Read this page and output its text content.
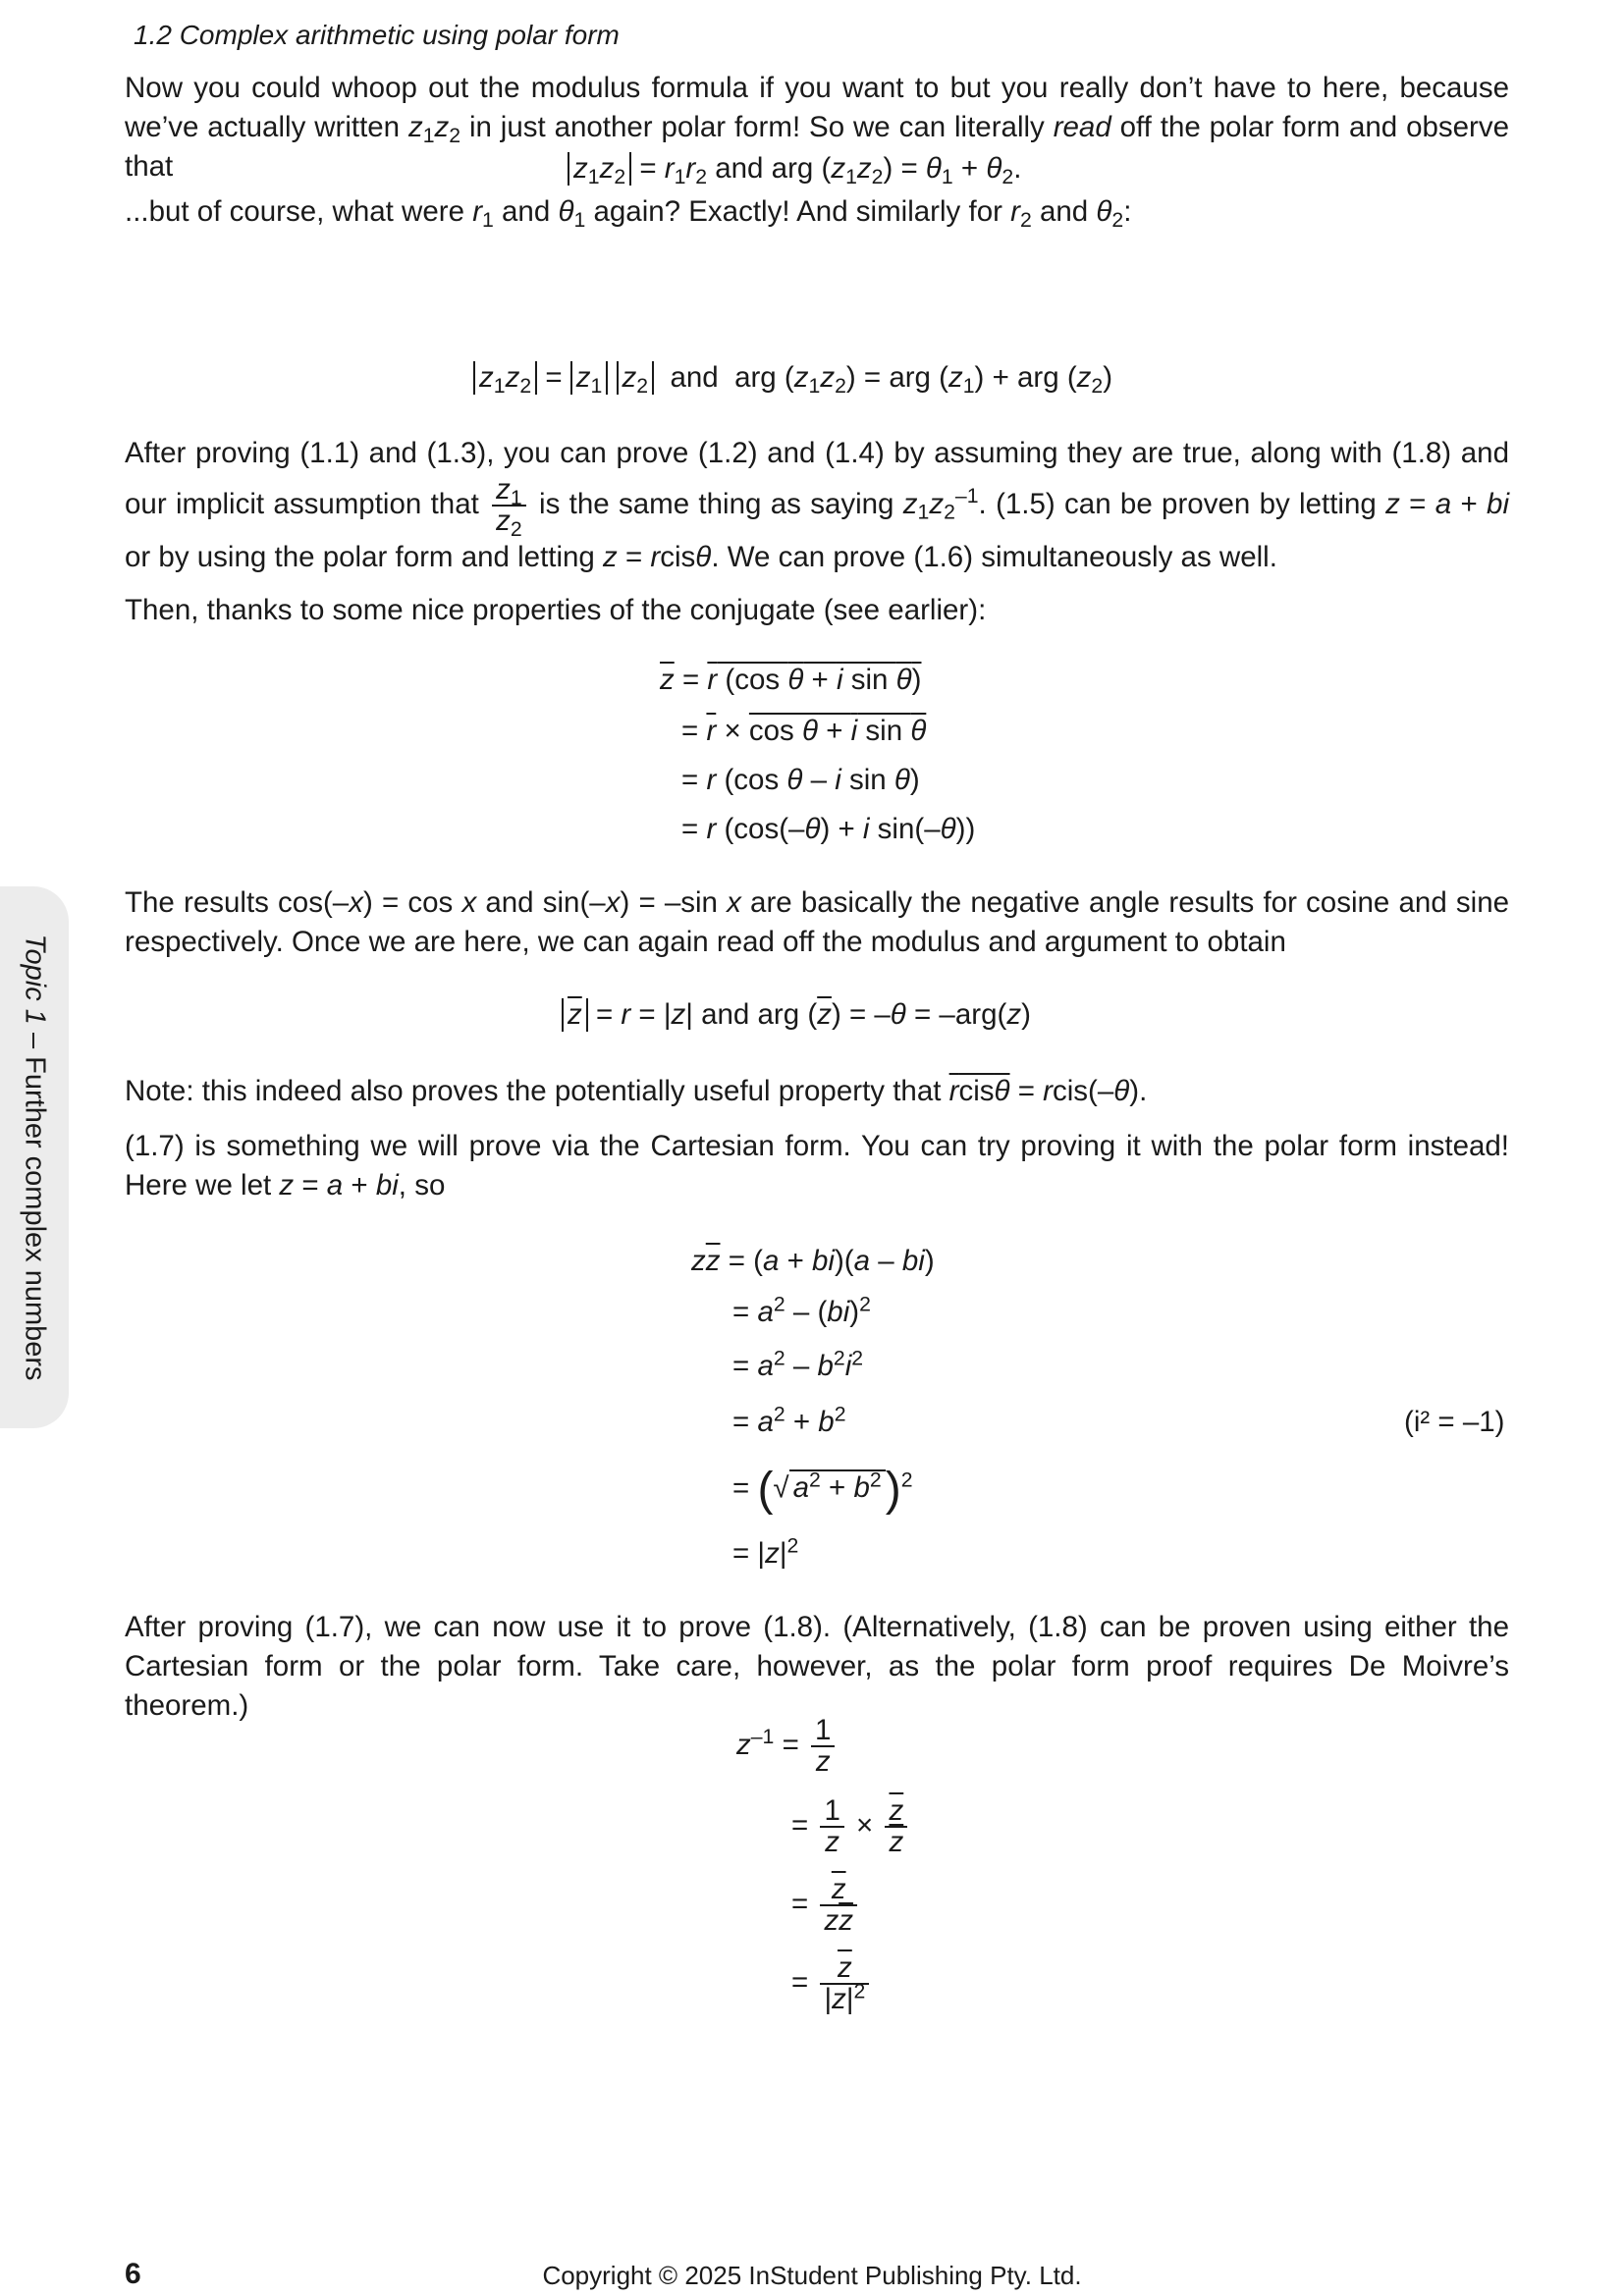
1.2 Complex arithmetic using polar form
Now you could whoop out the modulus formula if you want to but you really don’t have to here, because we’ve actually written $z_1z_2$ in just another polar form! So we can literally read off the polar form and observe that	$z_1z_2 = r_1r_2$ and arg $(z_1z_2) = \theta_1 + \theta_2$.
...but of course, what were $r_1$ and $\theta_1$ again? Exactly! And similarly for $r_2$ and $\theta_2$:
$z_1z_2 = z_1$ $z_2$  and  arg $(z_1z_2)$ = arg $(z_1)$ + arg $(z_2)$
After proving (1.1) and (1.3), you can prove (1.2) and (1.4) by assuming they are true, along with (1.8) and our implicit assumption that $\frac{z_1}{z_2}$ is the same thing as saying $z_1z_2^{-1}$. (1.5) can be proven by letting z = a + bi or by using the polar form and letting z = rcisθ. We can prove (1.6) simultaneously as well.
Then, thanks to some nice properties of the conjugate (see earlier):
$\overline{z} = r$ (cos θ + i sin θ)
= $\overline{r} \times \cos \theta + i$ sin θ
= r (cos θ – i sin θ)
= r (cos(–θ) + i sin(–θ))
The results cos(–x) = cos x and sin(–x) = –sin x are basically the negative angle results for cosine and sine respectively. Once we are here, we can again read off the modulus and argument to obtain
$\overline{z} = r = |z|$ and arg $(\overline{z}) = -\theta = -arg(z)$
Note: this indeed also proves the potentially useful property that rcisθ = rcis(–θ).
(1.7) is something we will prove via the Cartesian form. You can try proving it with the polar form instead! Here we let z = a + bi, so
$z\overline{z} = (a + bi)(a - bi)$
= $a^2 - (bi)^2$
= $a^2 - b^2i^2$
= $a^2 + b^2$	(i² = –1)
= (√ $a^2 + b^2)^2$
= $|z|^2$
After proving (1.7), we can now use it to prove (1.8). (Alternatively, (1.8) can be proven using either the Cartesian form or the polar form. Take care, however, as the polar form proof requires De Moivre’s theorem.)
$z^{-1} = \frac{1}{z}$
= $\frac{1}{z} \times \frac{\overline{z}}{z}$
= $\frac{\overline{z}}{z\overline{z}}$
= $\frac{\overline{z}}{|z|^2}$
Topic 1 – Further complex numbers
6	Copyright © 2025 InStudent Publishing Pty. Ltd.
